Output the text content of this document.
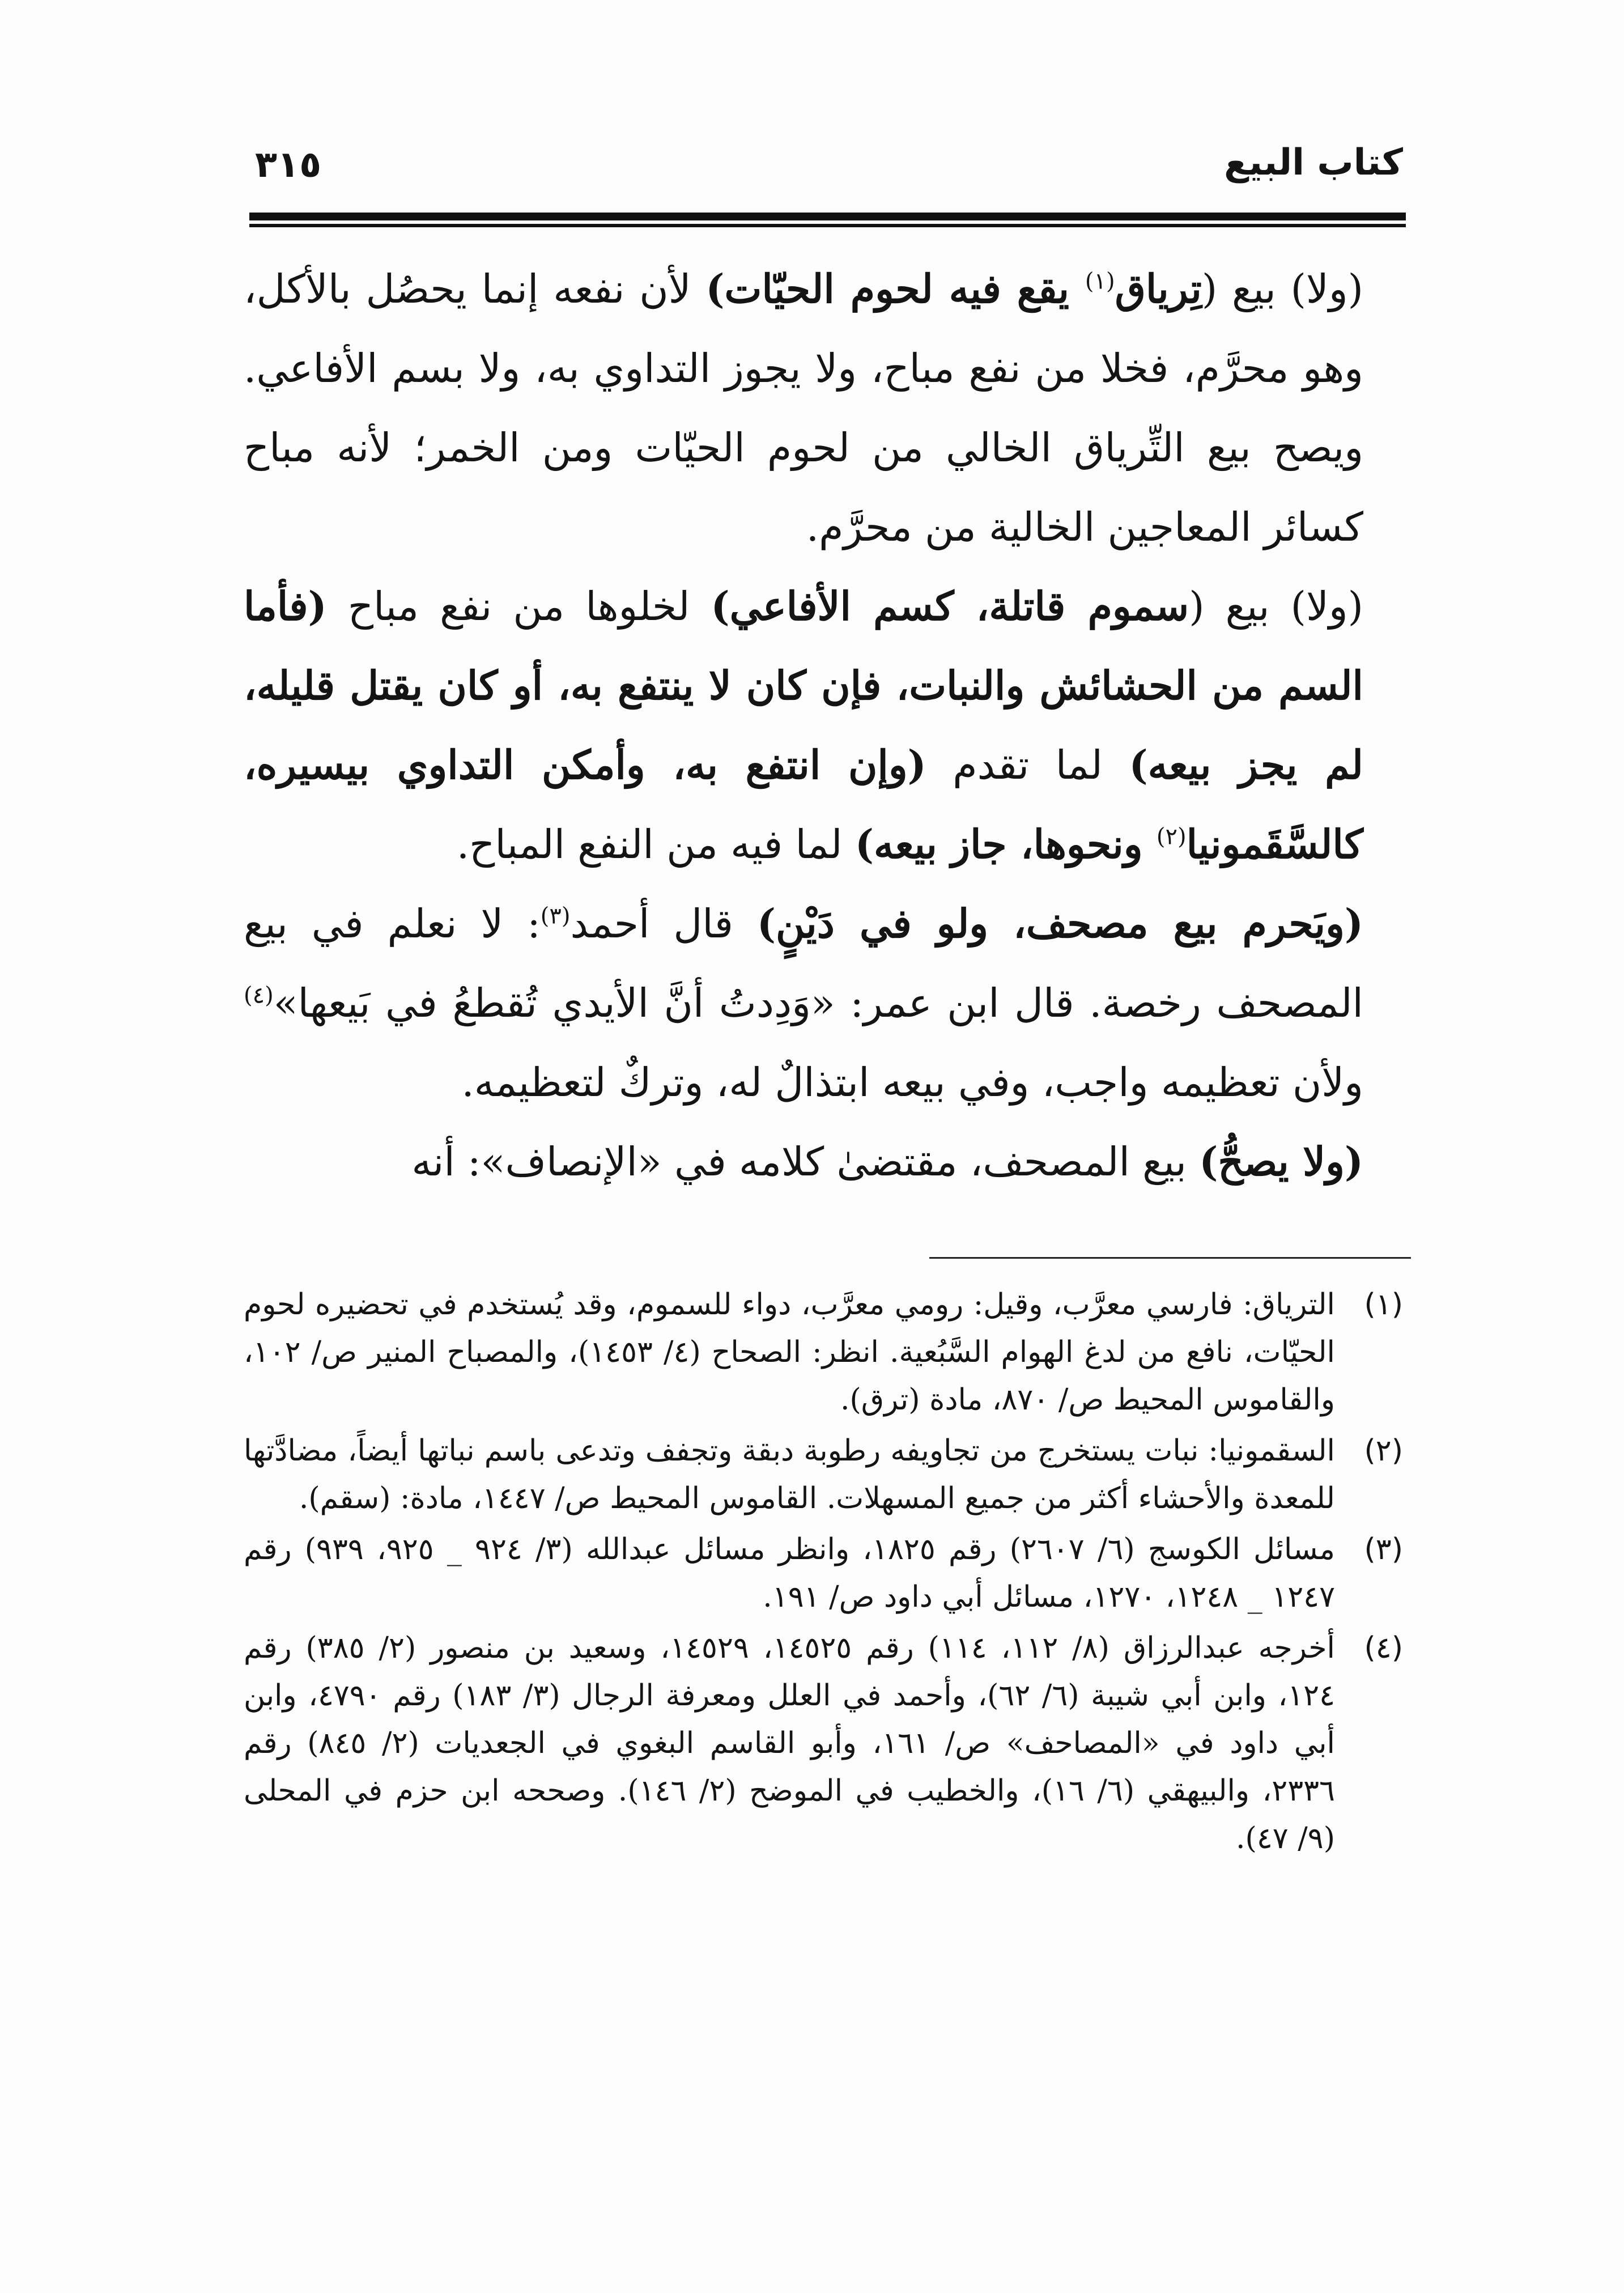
كتاب البيع
٣١٥

(ولا) بيع (تِرياق$^{(١)}$ يقع فيه لحوم الحيّات) لأن نفعه إنما يحصُل بالأكل، وهو محرَّم، فخلا من نفع مباح، ولا يجوز التداوي به، ولا بسم الأفاعي. ويصح بيع التِّرياق الخالي من لحوم الحيّات ومن الخمر؛ لأنه مباح كسائر المعاجين الخالية من محرَّم.

(ولا) بيع (سموم قاتلة، كسم الأفاعي) لخلوها من نفع مباح (فأما السم من الحشائش والنبات، فإن كان لا ينتفع به، أو كان يقتل قليله، لم يجز بيعه) لما تقدم (وإن انتفع به، وأمكن التداوي بيسيره، كالسَّقَمونيا$^{(٢)}$ ونحوها، جاز بيعه) لما فيه من النفع المباح.

(ويَحرم بيع مصحف، ولو في دَيْنٍ) قال أحمد$^{(٣)}$: لا نعلم في بيع المصحف رخصة. قال ابن عمر: «وَدِدتُ أنَّ الأيدي تُقطعُ في بَيعها»$^{(٤)}$ ولأن تعظيمه واجب، وفي بيعه ابتذالٌ له، وتركٌ لتعظيمه.

(ولا يصحُّ) بيع المصحف، مقتضىٰ كلامه في «الإنصاف»: أنه

(١)
الترياق: فارسي معرَّب، وقيل: رومي معرَّب، دواء للسموم، وقد يُستخدم في تحضيره لحوم الحيّات، نافع من لدغ الهوام السَّبُعية. انظر: الصحاح (٤/ ١٤٥٣)، والمصباح المنير ص/ ١٠٢، والقاموس المحيط ص/ ٨٧٠، مادة (ترق).
(٢)
السقمونيا: نبات يستخرج من تجاويفه رطوبة دبقة وتجفف وتدعى باسم نباتها أيضاً، مضادَّتها للمعدة والأحشاء أكثر من جميع المسهلات. القاموس المحيط ص/ ١٤٤٧، مادة: (سقم).
(٣)
مسائل الكوسج (٦/ ٢٦٠٧) رقم ١٨٢٥، وانظر مسائل عبدالله (٣/ ٩٢٤ _ ٩٢٥، ٩٣٩) رقم ١٢٤٧ _ ١٢٤٨، ١٢٧٠، مسائل أبي داود ص/ ١٩١.
(٤)
أخرجه عبدالرزاق (٨/ ١١٢، ١١٤) رقم ١٤٥٢٥، ١٤٥٢٩، وسعيد بن منصور (٢/ ٣٨٥) رقم ١٢٤، وابن أبي شيبة (٦/ ٦٢)، وأحمد في العلل ومعرفة الرجال (٣/ ١٨٣) رقم ٤٧٩٠، وابن أبي داود في «المصاحف» ص/ ١٦١، وأبو القاسم البغوي في الجعديات (٢/ ٨٤٥) رقم ٢٣٣٦، والبيهقي (٦/ ١٦)، والخطيب في الموضح (٢/ ١٤٦). وصححه ابن حزم في المحلى (٩/ ٤٧).
